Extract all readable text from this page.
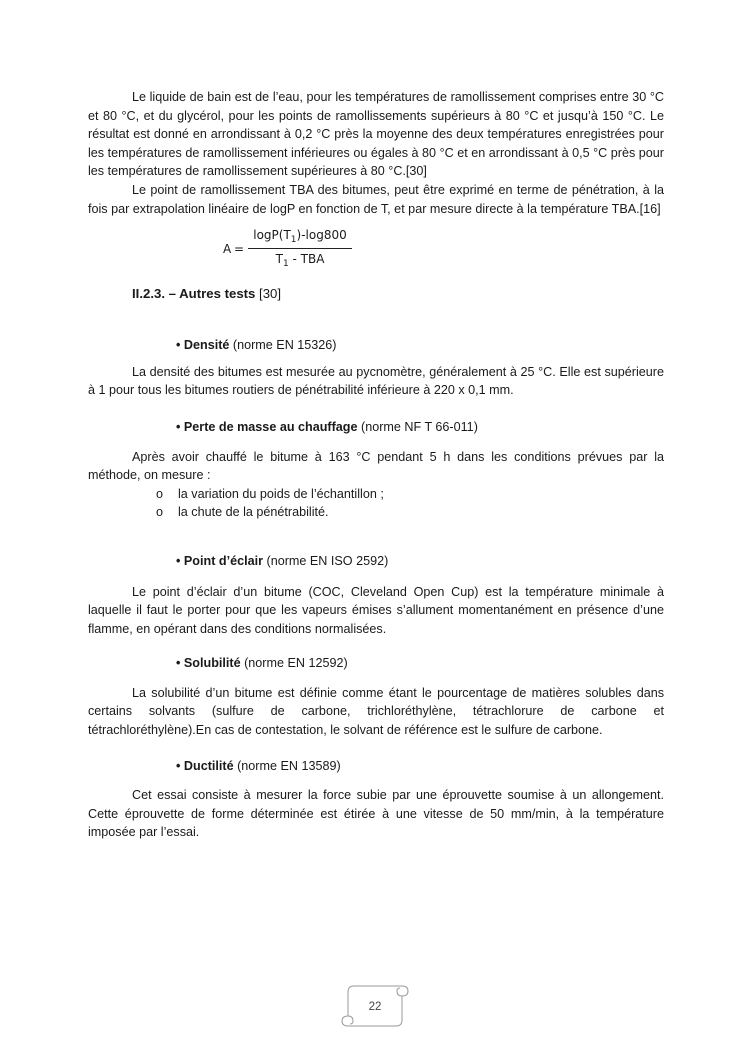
Le liquide de bain est de l’eau, pour les températures de ramollissement comprises entre 30 °C et 80 °C, et du glycérol, pour les points de ramollissements supérieurs à 80 °C et jusqu’à 150 °C. Le résultat est donné en arrondissant à 0,2 °C près la moyenne des deux températures enregistrées pour les températures de ramollissement inférieures ou égales à 80 °C et en arrondissant à 0,5 °C près pour les températures de ramollissement supérieures à 80 °C.[30]

Le point de ramollissement TBA des bitumes, peut être exprimé en terme de pénétration, à la fois par extrapolation linéaire de logP en fonction de T, et par mesure directe à la température TBA.[16]

A =
$\log P(T_1)-\log 800$
$T_1$ - TBA
II.2.3. – Autres tests [30]
• Densité (norme EN 15326)

La densité des bitumes est mesurée au pycnomètre, généralement à 25 °C. Elle est supérieure à 1 pour tous les bitumes routiers de pénétrabilité inférieure à 220 x 0,1 mm.

• Perte de masse au chauffage (norme NF T 66-011)

Après avoir chauffé le bitume à 163 °C pendant 5 h dans les conditions prévues par la méthode, on mesure :

o la variation du poids de l’échantillon ;
o la chute de la pénétrabilité.
• Point d’éclair (norme EN ISO 2592)

Le point d’éclair d’un bitume (COC, Cleveland Open Cup) est la température minimale à laquelle il faut le porter pour que les vapeurs émises s’allument momentanément en présence d’une flamme, en opérant dans des conditions normalisées.

• Solubilité (norme EN 12592)

La solubilité d’un bitume est définie comme étant le pourcentage de matières solubles dans certains solvants (sulfure de carbone, trichloréthylène, tétrachlorure de carbone et tétrachloréthylène).En cas de contestation, le solvant de référence est le sulfure de carbone.

• Ductilité (norme EN 13589)

Cet essai consiste à mesurer la force subie par une éprouvette soumise à un allongement. Cette éprouvette de forme déterminée est étirée à une vitesse de 50 mm/min, à la température imposée par l’essai.

22
